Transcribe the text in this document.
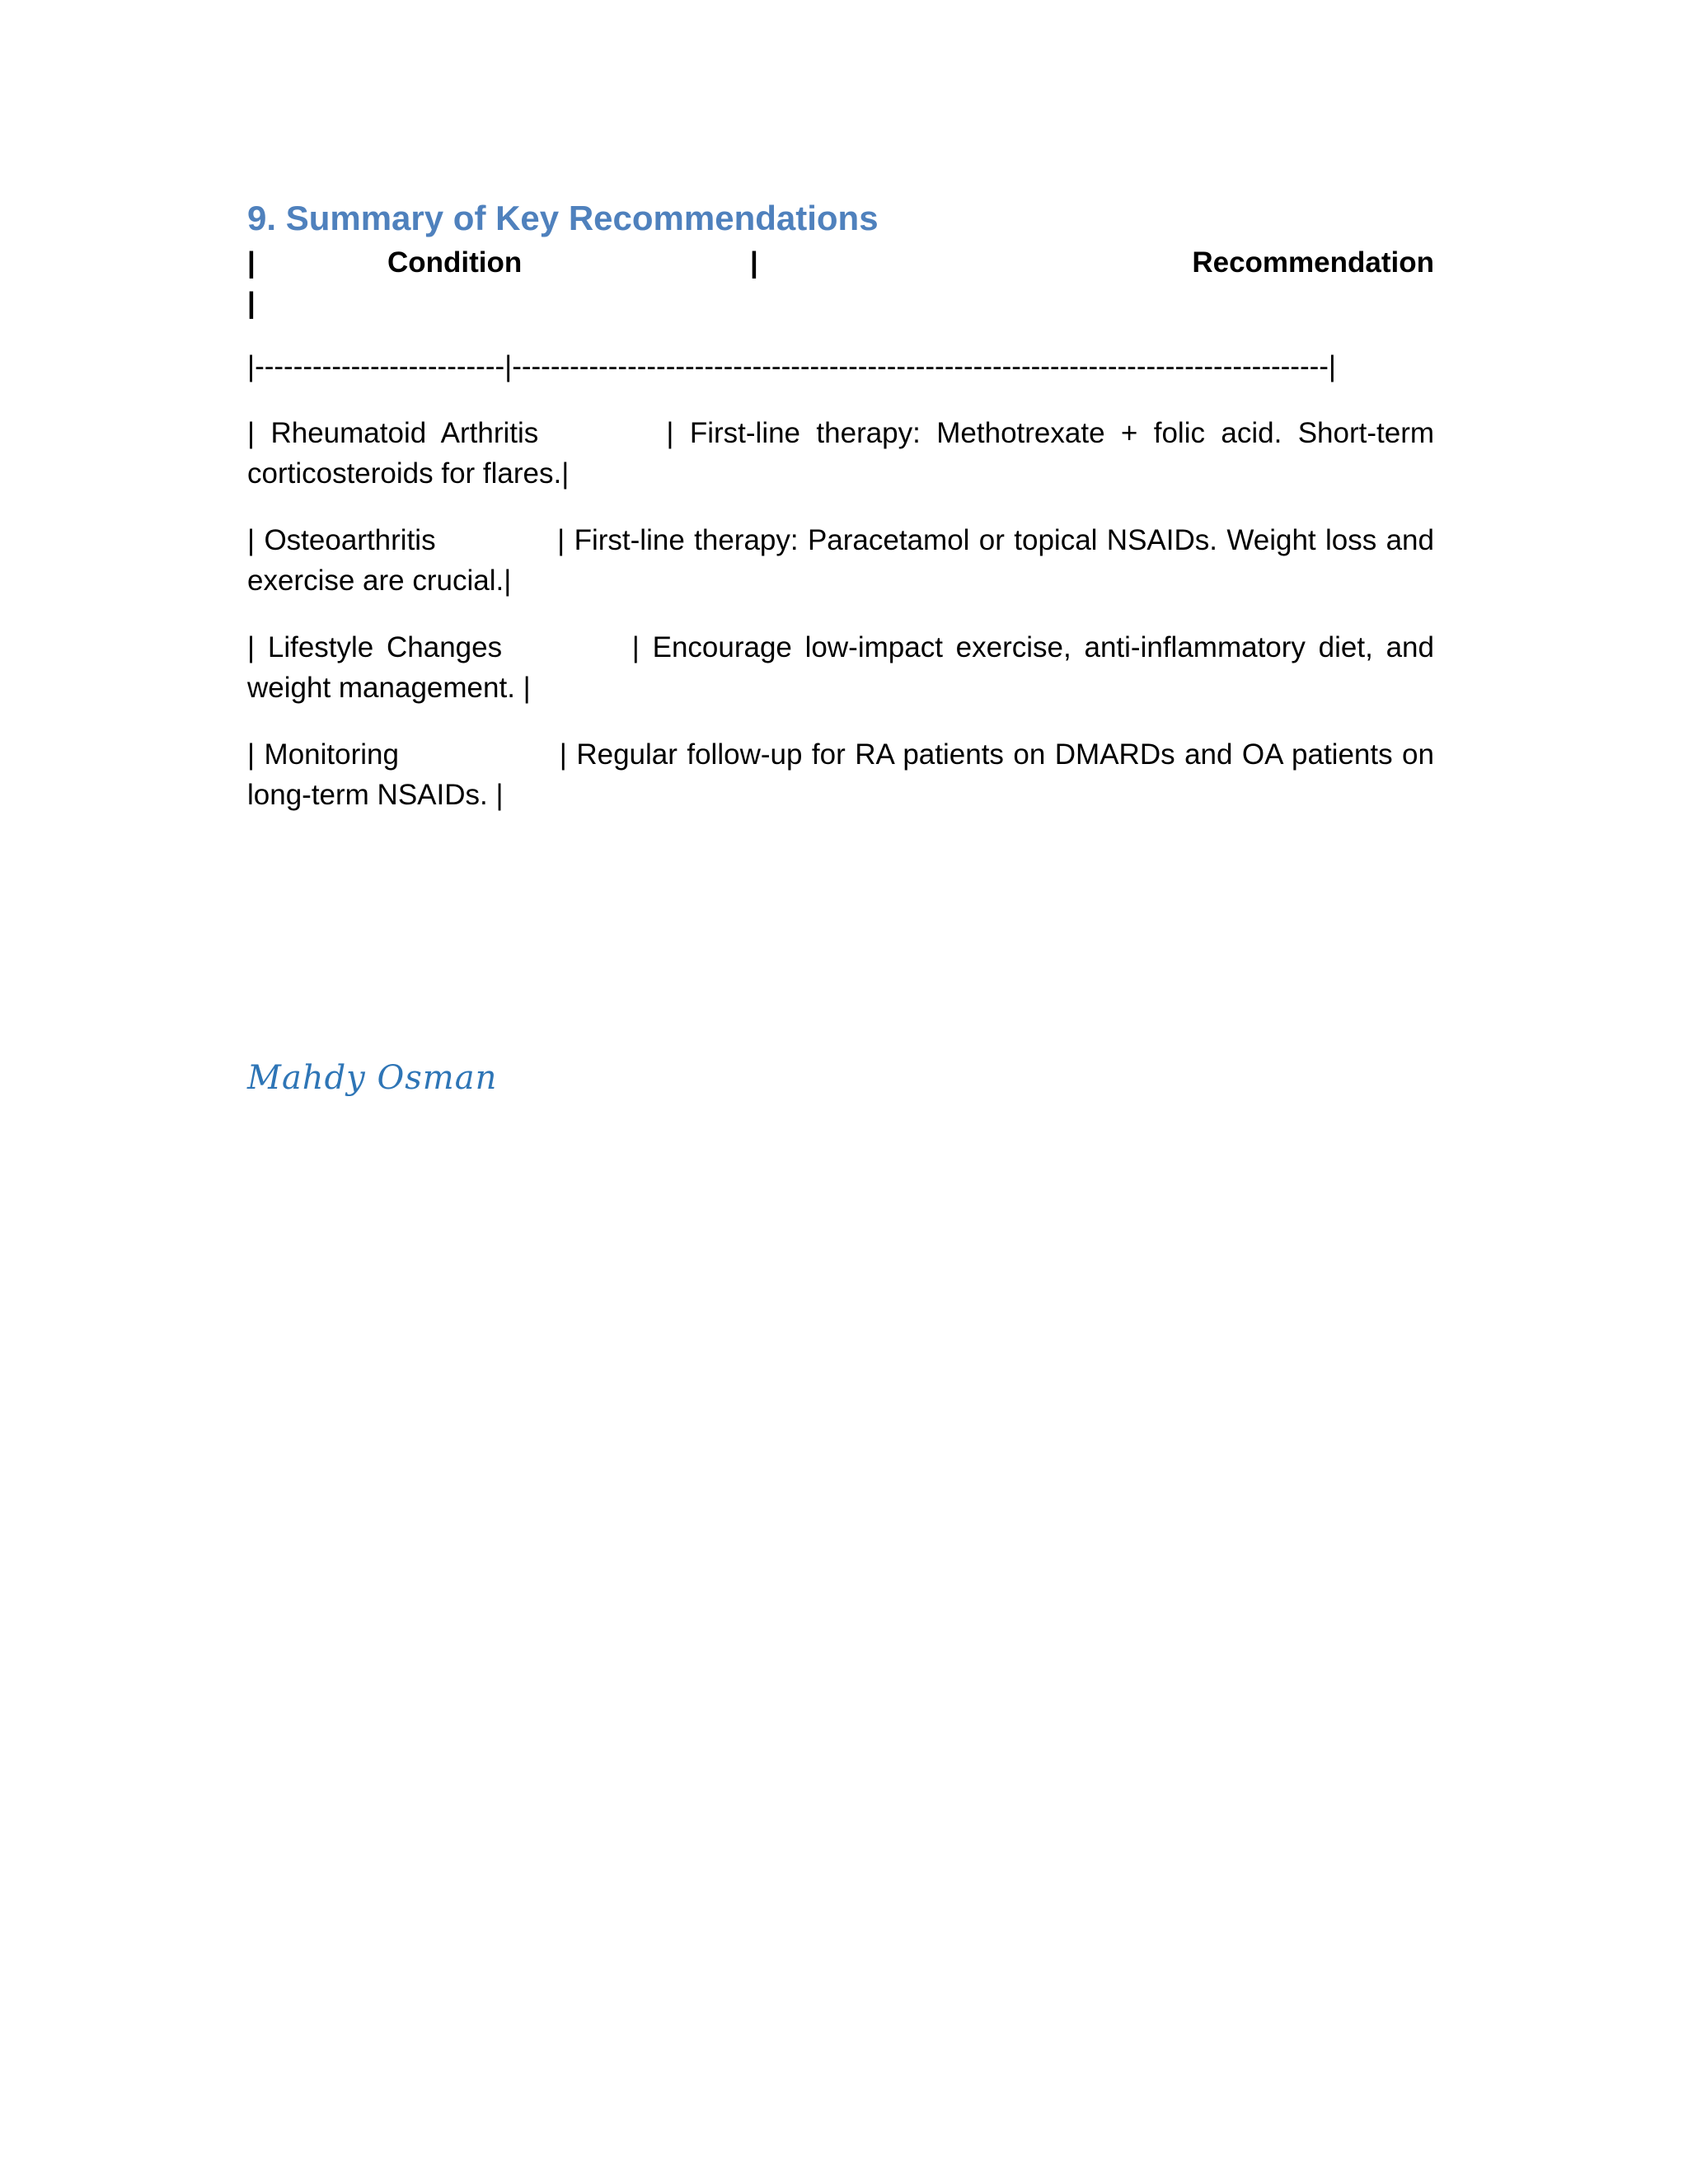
9. Summary of Key Recommendations
|	Condition	|	Recommendation
|
|--------------------------|-------------------------------------------------------------------------------------|

| Rheumatoid Arthritis        | First-line therapy: Methotrexate + folic acid. Short-term corticosteroids for flares.|

| Osteoarthritis             | First-line therapy: Paracetamol or topical NSAIDs. Weight loss and exercise are crucial.|

| Lifestyle Changes          | Encourage low-impact exercise, anti-inflammatory diet, and weight management. |

| Monitoring                 | Regular follow-up for RA patients on DMARDs and OA patients on long-term NSAIDs. |

Mahdy Osman
